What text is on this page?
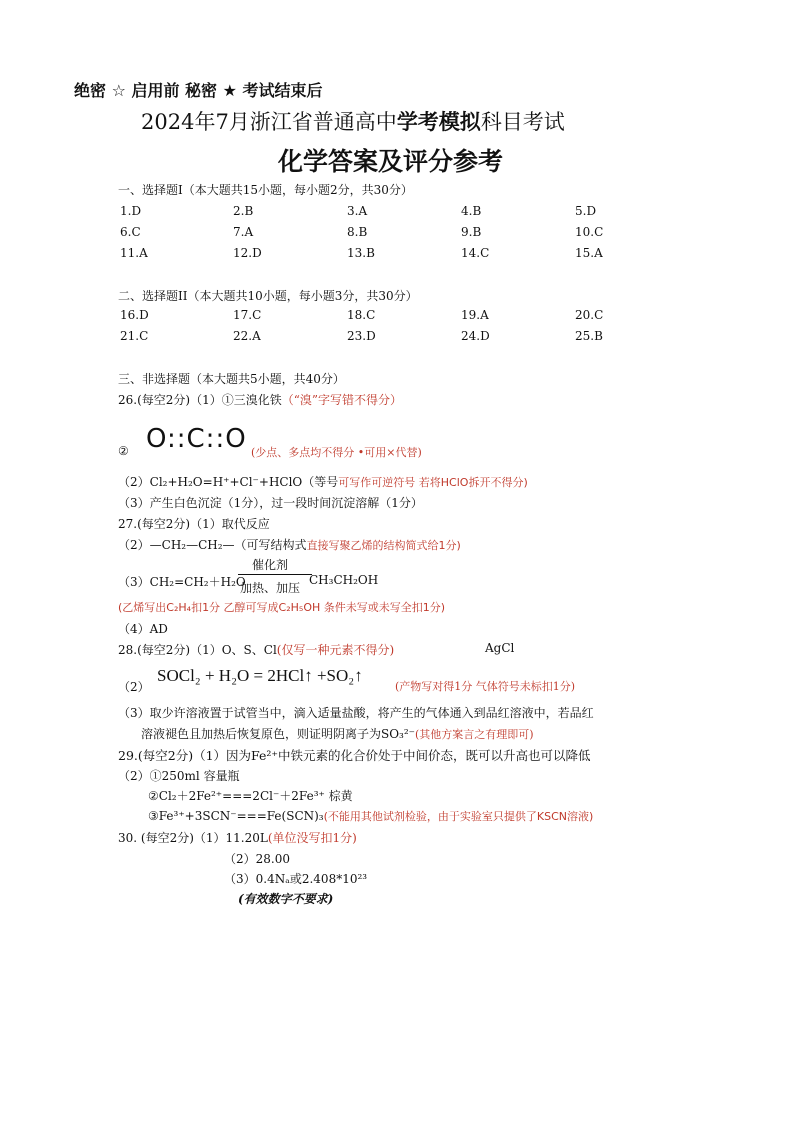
绝密 ☆ 启用前 秘密 ★ 考试结束后
2024年7月浙江省普通高中学考模拟科目考试
化学答案及评分参考
一、选择题Ⅰ（本大题共15小题，每小题2分，共30分）
1.D	2.B	3.A	4.B	5.D
6.C	7.A	8.B	9.B	10.C
11.A	12.D	13.B	14.C	15.A
二、选择题II（本大题共10小题，每小题3分，共30分）
16.D	17.C	18.C	19.A	20.C
21.C	22.A	23.D	24.D	25.B
三、非选择题（本大题共5小题，共40分）
26.(每空2分)（1）①三溴化铁（“溴”字写错不得分）
② O::C::O (少点、多点均不得分 •可用×代替)
（2）Cl₂+H₂O=H⁺+Cl⁻+HClO（等号可写作可逆符号 若将HClO拆开不得分)
（3）产生白色沉淀（1分），过一段时间沉淀溶解（1分）
27.(每空2分)（1）取代反应
（2）—CH₂—CH₂—（可写结构式直接写聚乙烯的结构简式给1分)
催化剂
（3）CH₂=CH₂＋H₂O	CH₃CH₂OH
加热、加压
(乙烯写出C₂H₄扣1分 乙醇可写成C₂H₅OH 条件未写或未写全扣1分)
（4）AD
28.(每空2分)（1）O、S、Cl(仅写一种元素不得分)	AgCl
（2）
SOCl₂ + H₂O = 2HCl↑ +SO₂↑
(产物写对得1分 气体符号未标扣1分)
（3）取少许溶液置于试管当中，滴入适量盐酸，将产生的气体通入到品红溶液中，若品红
溶液褪色且加热后恢复原色，则证明阴离子为SO₃²⁻(其他方案言之有理即可)
29.(每空2分)（1）因为Fe²⁺中铁元素的化合价处于中间价态，既可以升高也可以降低
（2）①250ml 容量瓶
②Cl₂＋2Fe²⁺===2Cl⁻＋2Fe³⁺ 棕黄
③Fe³⁺+3SCN⁻===Fe(SCN)₃(不能用其他试剂检验，由于实验室只提供了KSCN溶液)
30. (每空2分)（1）11.20L(单位没写扣1分)
（2）28.00
（3）0.4Nₐ或2.408*10²³
(有效数字不要求)
